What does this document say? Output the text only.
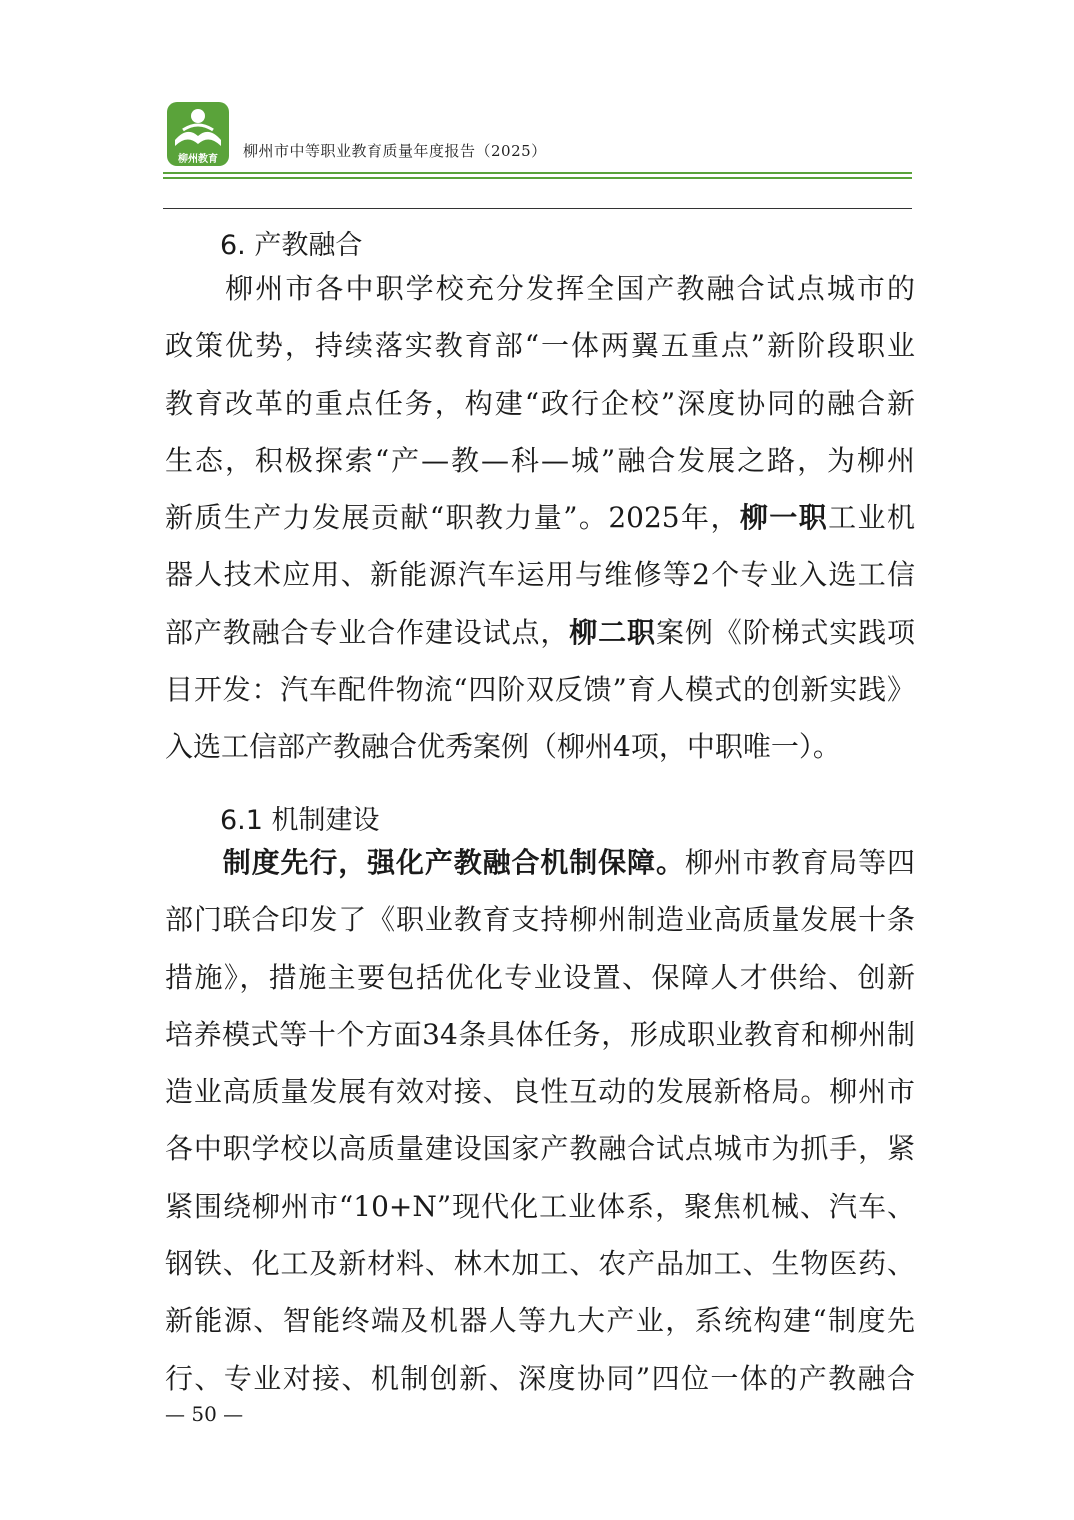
柳州教育 柳州市中等职业教育质量年度报告（2025）
6. 产教融合
　　柳州市各中职学校充分发挥全国产教融合试点城市的
政策优势，持续落实教育部“一体两翼五重点”新阶段职业
教育改革的重点任务，构建“政行企校”深度协同的融合新
生态，积极探索“产—教—科—城”融合发展之路，为柳州
新质生产力发展贡献“职教力量”。2025年，柳一职工业机
器人技术应用、新能源汽车运用与维修等2个专业入选工信
部产教融合专业合作建设试点，柳二职案例《阶梯式实践项
目开发：汽车配件物流“四阶双反馈”育人模式的创新实践》
入选工信部产教融合优秀案例（柳州4项，中职唯一）。
6.1 机制建设
　　制度先行，强化产教融合机制保障。柳州市教育局等四
部门联合印发了《职业教育支持柳州制造业高质量发展十条
措施》，措施主要包括优化专业设置、保障人才供给、创新
培养模式等十个方面34条具体任务，形成职业教育和柳州制
造业高质量发展有效对接、良性互动的发展新格局。柳州市
各中职学校以高质量建设国家产教融合试点城市为抓手，紧
紧围绕柳州市“10+N”现代化工业体系，聚焦机械、汽车、
钢铁、化工及新材料、林木加工、农产品加工、生物医药、
新能源、智能终端及机器人等九大产业，系统构建“制度先
行、专业对接、机制创新、深度协同”四位一体的产教融合
— 50 —
